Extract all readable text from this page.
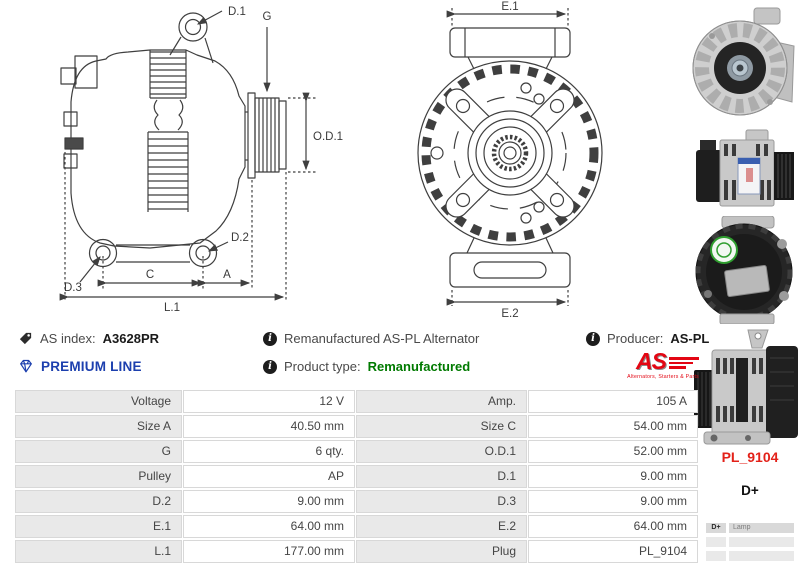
D.1 G
O.D.1
D.2
D.3
C	A
L.1
E.1
E.2
AS index: A3628PR	i Remanufactured AS-PL Alternator	i Producer: AS-PL
PREMIUM LINE	i Product type: Remanufactured	AS
Alternators, Starters & Parts
Voltage	12 V	Amp.	105 A
Size A	40.50 mm	Size C	54.00 mm
G	6 qty.	O.D.1	52.00 mm
Pulley	AP	D.1	9.00 mm
D.2	9.00 mm	D.3	9.00 mm
E.1	64.00 mm	E.2	64.00 mm
L.1	177.00 mm	Plug	PL_9104
PL_9104
D+
D+	Lamp
